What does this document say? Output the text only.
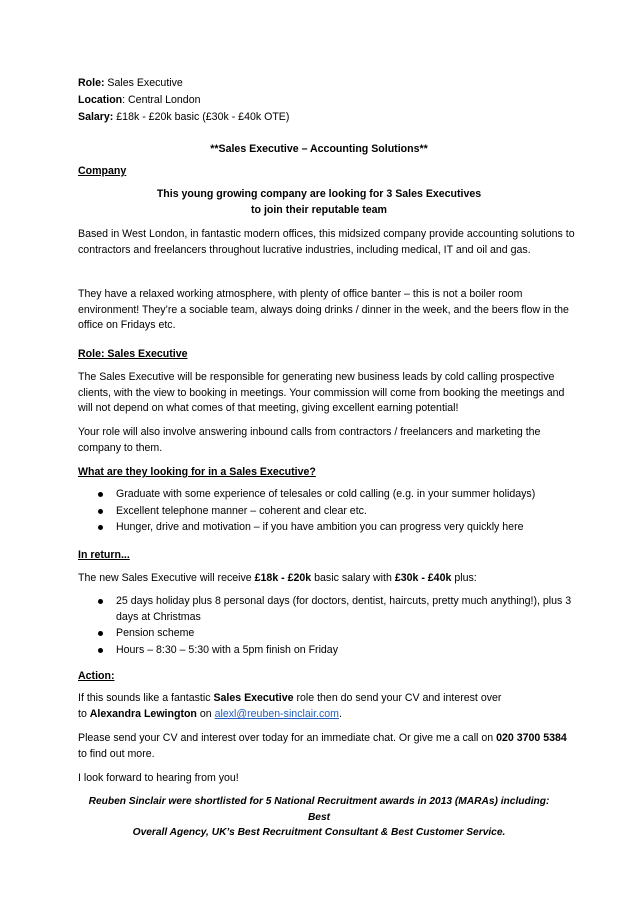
Role: Sales Executive

Location: Central London

Salary: £18k - £20k basic (£30k - £40k OTE)

**Sales Executive – Accounting Solutions**

Company

This young growing company are looking for 3 Sales Executives

to join their reputable team

Based in West London, in fantastic modern offices, this midsized company provide accounting solutions to contractors and freelancers throughout lucrative industries, including medical, IT and oil and gas.

They have a relaxed working atmosphere, with plenty of office banter – this is not a boiler room environment! They’re a sociable team, always doing drinks / dinner in the week, and the beers flow in the office on Fridays etc.

Role: Sales Executive

The Sales Executive will be responsible for generating new business leads by cold calling prospective clients, with the view to booking in meetings. Your commission will come from booking the meetings and will not depend on what comes of that meeting, giving excellent earning potential!

Your role will also involve answering inbound calls from contractors / freelancers and marketing the company to them.

What are they looking for in a Sales Executive?

Graduate with some experience of telesales or cold calling (e.g. in your summer holidays)
Excellent telephone manner – coherent and clear etc.
Hunger, drive and motivation – if you have ambition you can progress very quickly here

In return...

The new Sales Executive will receive £18k - £20k basic salary with £30k - £40k plus:

25 days holiday plus 8 personal days (for doctors, dentist, haircuts, pretty much anything!), plus 3 days at Christmas
Pension scheme
Hours – 8:30 – 5:30 with a 5pm finish on Friday

Action:

If this sounds like a fantastic Sales Executive role then do send your CV and interest over

to Alexandra Lewington on alexl@reuben-sinclair.com.

Please send your CV and interest over today for an immediate chat. Or give me a call on 020 3700 5384 to find out more.

I look forward to hearing from you!

Reuben Sinclair were shortlisted for 5 National Recruitment awards in 2013 (MARAs) including: Best
Overall Agency, UK’s Best Recruitment Consultant & Best Customer Service.
